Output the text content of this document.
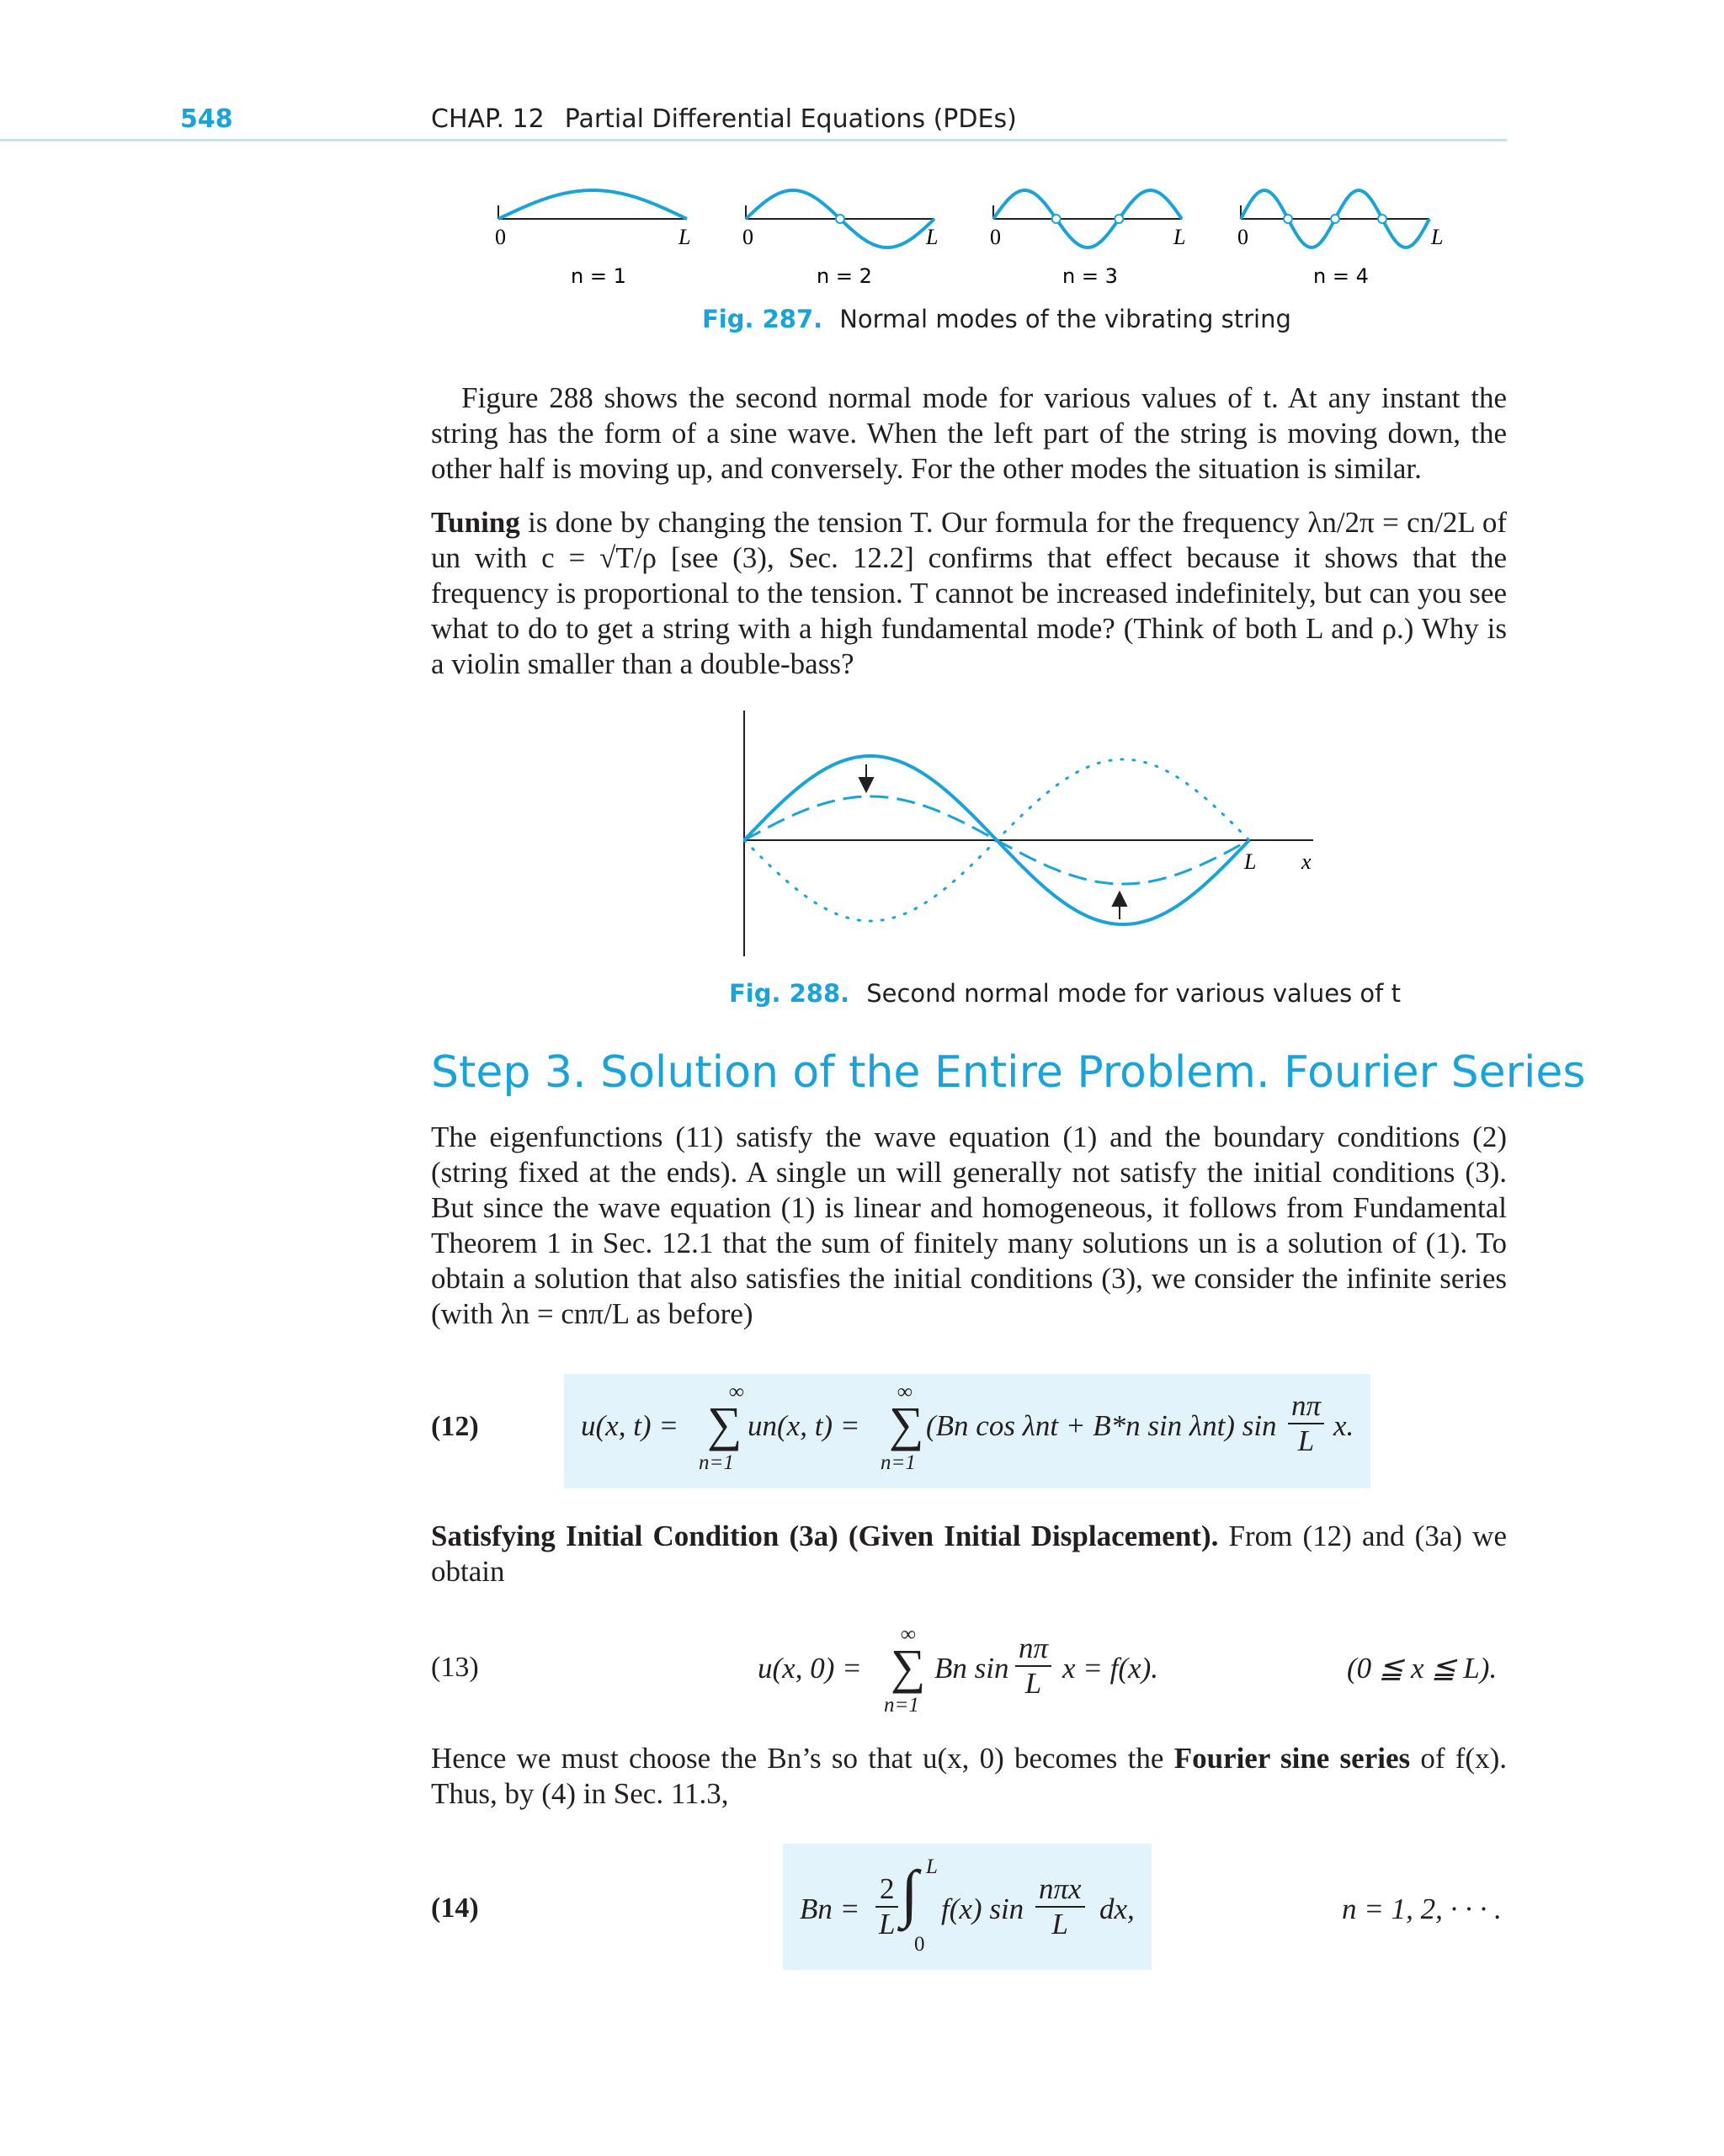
548	CHAP. 12 Partial Differential Equations (PDEs)
0	L 0	L 0	L 0	L
n = 1	n = 2	n = 3	n = 4
Fig. 287. Normal modes of the vibrating string
Figure 288 shows the second normal mode for various values of t. At any instant the string has the form of a sine wave. When the left part of the string is moving down, the other half is moving up, and conversely. For the other modes the situation is similar.
Tuning is done by changing the tension T. Our formula for the frequency λn/2π = cn/2L of un with c = √T/ρ [see (3), Sec. 12.2] confirms that effect because it shows that the frequency is proportional to the tension. T cannot be increased indefinitely, but can you see what to do to get a string with a high fundamental mode? (Think of both L and ρ.) Why is a violin smaller than a double-bass?
L x
Fig. 288. Second normal mode for various values of t
Step 3. Solution of the Entire Problem. Fourier Series
The eigenfunctions (11) satisfy the wave equation (1) and the boundary conditions (2) (string fixed at the ends). A single un will generally not satisfy the initial conditions (3). But since the wave equation (1) is linear and homogeneous, it follows from Fundamental Theorem 1 in Sec. 12.1 that the sum of finitely many solutions un is a solution of (1). To obtain a solution that also satisfies the initial conditions (3), we consider the infinite series (with λn = cnπ/L as before)
(12)	u(x, t) =
∞
∑
n=1
un(x, t) =
∞
∑
n=1
(Bn cos λnt + B*n sin λnt) $\sin \frac{n\pi}{L} x$.
Satisfying Initial Condition (3a) (Given Initial Displacement). From (12) and (3a) we obtain
(13)	u(x, 0) =
∞
∑
n=1
Bn $\sin \frac{n\pi}{L}$ x = f(x).	(0 ≦ x ≦ L).
Hence we must choose the Bn’s so that u(x, 0) becomes the Fourier sine series of f(x). Thus, by (4) in Sec. 11.3,
(14)	$Bn = \frac{2}{L}$
L
∫
0
f(x) sin
nπx
L	dx,	n = 1, 2, · · · .
